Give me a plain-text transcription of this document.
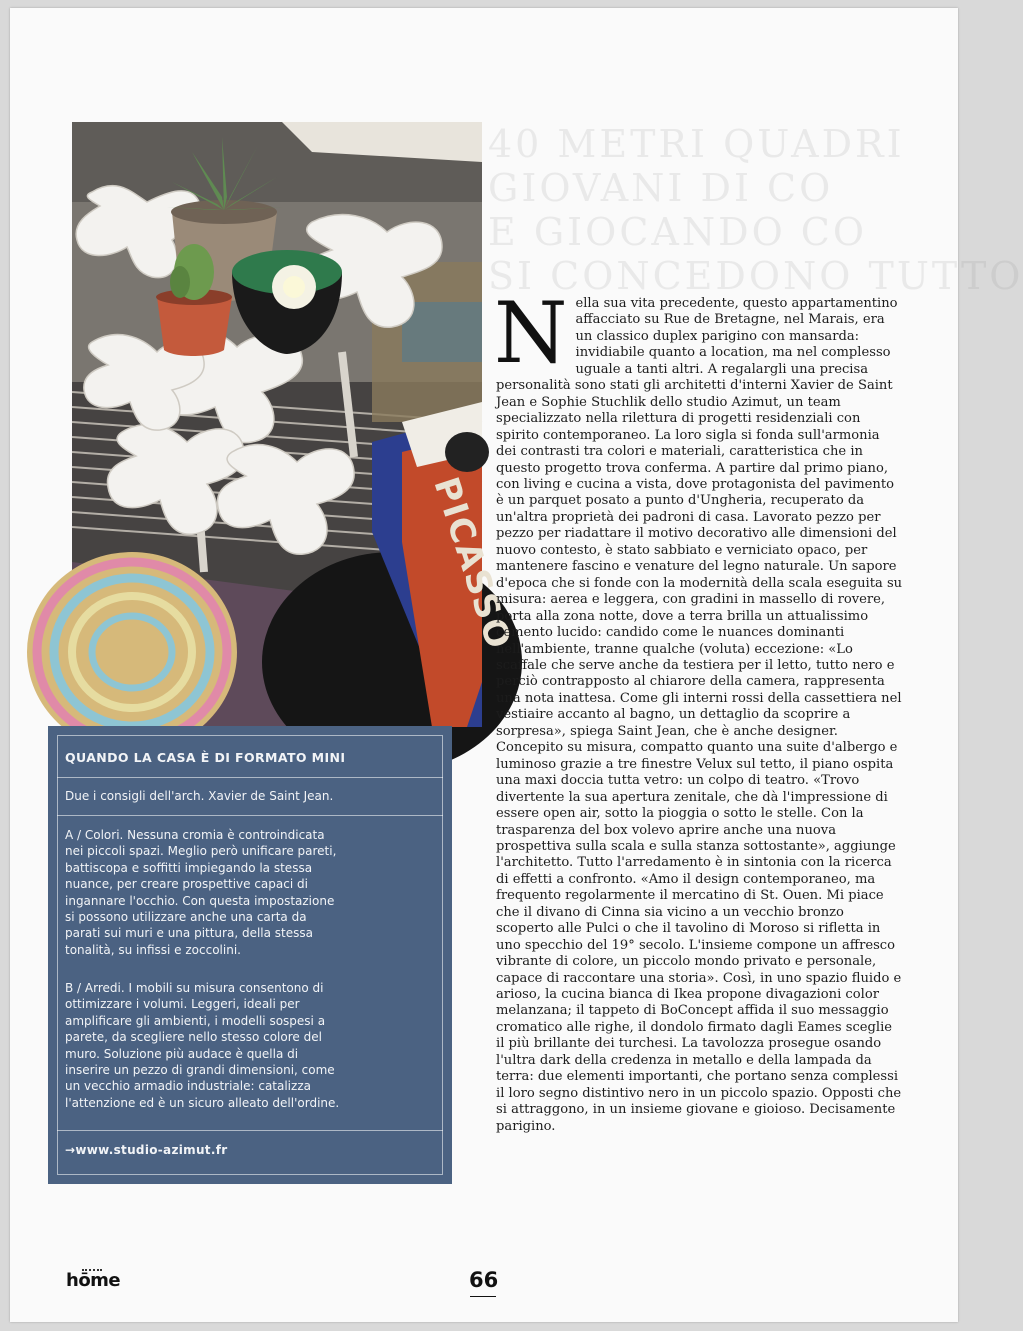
PICASSO
40 METRI QUADRI
GIOVANI DI CO
E GIOCANDO CO
SI CONCEDONO TUTTO

Nella sua vita precedente, questo appartamentino affacciato su Rue de Bretagne, nel Marais, era un classico duplex parigino con mansarda: invidiabile quanto a location, ma nel complesso uguale a tanti altri. A regalargli una precisa personalità sono stati gli architetti d'interni Xavier de Saint Jean e Sophie Stuchlik dello studio Azimut, un team specializzato nella rilettura di progetti residenziali con spirito contemporaneo. La loro sigla si fonda sull'armonia dei contrasti tra colori e materiali, caratteristica che in questo progetto trova conferma. A partire dal primo piano, con living e cucina a vista, dove protagonista del pavimento è un parquet posato a punto d'Ungheria, recuperato da un'altra proprietà dei padroni di casa. Lavorato pezzo per pezzo per riadattare il motivo decorativo alle dimensioni del nuovo contesto, è stato sabbiato e verniciato opaco, per mantenere fascino e venature del legno naturale. Un sapore d'epoca che si fonde con la modernità della scala eseguita su misura: aerea e leggera, con gradini in massello di rovere, porta alla zona notte, dove a terra brilla un attualissimo cemento lucido: candido come le nuances dominanti nell'ambiente, tranne qualche (voluta) eccezione: «Lo scaffale che serve anche da testiera per il letto, tutto nero e perciò contrapposto al chiarore della camera, rappresenta una nota inattesa. Come gli interni rossi della cassettiera nel vestiaire accanto al bagno, un dettaglio da scoprire a sorpresa», spiega Saint Jean, che è anche designer. Concepito su misura, compatto quanto una suite d'albergo e luminoso grazie a tre finestre Velux sul tetto, il piano ospita una maxi doccia tutta vetro: un colpo di teatro. «Trovo divertente la sua apertura zenitale, che dà l'impressione di essere open air, sotto la pioggia o sotto le stelle. Con la trasparenza del box volevo aprire anche una nuova prospettiva sulla scala e sulla stanza sottostante», aggiunge l'architetto. Tutto l'arredamento è in sintonia con la ricerca di effetti a confronto. «Amo il design contemporaneo, ma frequento regolarmente il mercatino di St. Ouen. Mi piace che il divano di Cinna sia vicino a un vecchio bronzo scoperto alle Pulci o che il tavolino di Moroso si rifletta in uno specchio del 19° secolo. L'insieme compone un affresco vibrante di colore, un piccolo mondo privato e personale, capace di raccontare una storia». Così, in uno spazio fluido e arioso, la cucina bianca di Ikea propone divagazioni color melanzana; il tappeto di BoConcept affida il suo messaggio cromatico alle righe, il dondolo firmato dagli Eames sceglie il più brillante dei turchesi. La tavolozza prosegue osando l'ultra dark della credenza in metallo e della lampada da terra: due elementi importanti, che portano senza complessi il loro segno distintivo nero in un piccolo spazio. Opposti che si attraggono, in un insieme giovane e gioioso. Decisamente parigino.

QUANDO LA CASA È DI FORMATO MINI
Due i consigli dell'arch. Xavier de Saint Jean.
A / Colori. Nessuna cromia è controindicata nei piccoli spazi. Meglio però unificare pareti, battiscopa e soffitti impiegando la stessa nuance, per creare prospettive capaci di ingannare l'occhio. Con questa impostazione si possono utilizzare anche una carta da parati sui muri e una pittura, della stessa tonalità, su infissi e zoccolini.
B / Arredi. I mobili su misura consentono di ottimizzare i volumi. Leggeri, ideali per amplificare gli ambienti, i modelli sospesi a parete, da scegliere nello stesso colore del muro. Soluzione più audace è quella di inserire un pezzo di grandi dimensioni, come un vecchio armadio industriale: catalizza l'attenzione ed è un sicuro alleato dell'ordine.
→www.studio-azimut.fr
hōme	66
